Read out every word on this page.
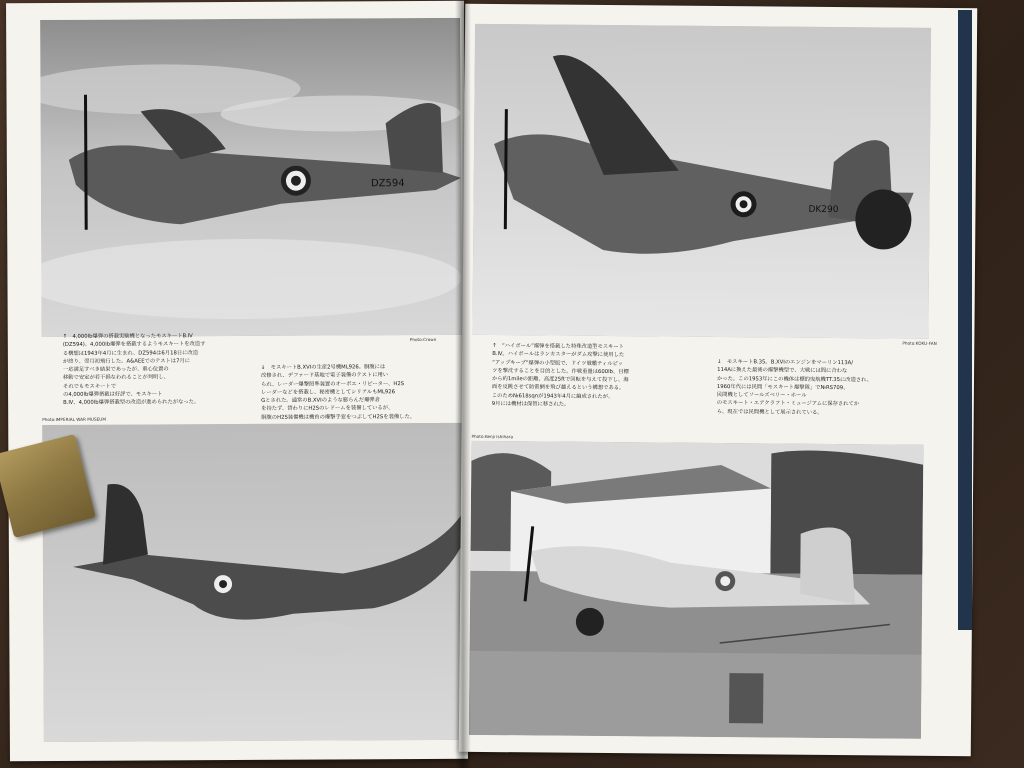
DZ594
Photo:Crown
↑　4,000lb爆弾の搭載実験機となったモスキートB.Ⅳ
(DZ594)。4,000lb爆弾を搭載するようモスキートを改造す
る構想は1943年4月に生まれ、DZ594は6月18日に改造
が終り、翌月初飛行した。A&AEEでのテストは7月に
一応満足すべき結果であったが、重心位置の
移動で安定が若干損なわれることが判明し、
それでもモスキートで
の4,000lb爆弾搭載は好評で、モスキート
B.Ⅳ、4,000lb爆弾搭載型の改造が進められたがなった。
↓　モスキートB.XVIの生産2号機ML926。胴腹には
改修され、デファード基地で電子装備のテストに用い
られ、レーダー爆撃照準装置のオーボエ・リピーター、H2S
レーダーなどを搭載し、秘密機としてシリアルもML926
Gとされた。通常のB.XVIのような膨らんだ爆弾倉
を持たず、替わりにH2Sのレドームを装備しているが、
胴腹のH2S装備機は機首の爆撃手窓をつぶしてH2Sを装備した。
Photo:IMPERIAL WAR MUSEUM
DK290
Photo:KOKU-FAN
↑　“ハイボール”爆弾を搭載した特殊改造型モスキート
B.Ⅳ。ハイボールはランカスターがダム攻撃に使用した
“アップキープ”爆弾の小型版で、ドイツ戦艦ティルピッ
ツを撃沈することを目的とした。作戦重量は600lb、目標
から約1mileの距離、高度25ftで回転を与えて投下し、海
面を反跳させて防雷網を飛び越えるという構想である。
このため№618sqnが1943年4月に編成されたが、
9月には機材は保管に移された。
↓　モスキートB.35。B.XVIのエンジンをマーリン113A/
114Aに換えた最後の爆撃機型で、大戦には間に合わな
かった。この1953年にこの機体は標的曳航機TT.35に改造され、
1960年代には民間「モスキート爆撃隊」で№RS709、
民間機としてソールズベリー・ホール
のモスキート・エアクラフト・ミュージアムに保存されてか
ら、現在では民間機として展示されている。
Photo:Kenji Ishihara
